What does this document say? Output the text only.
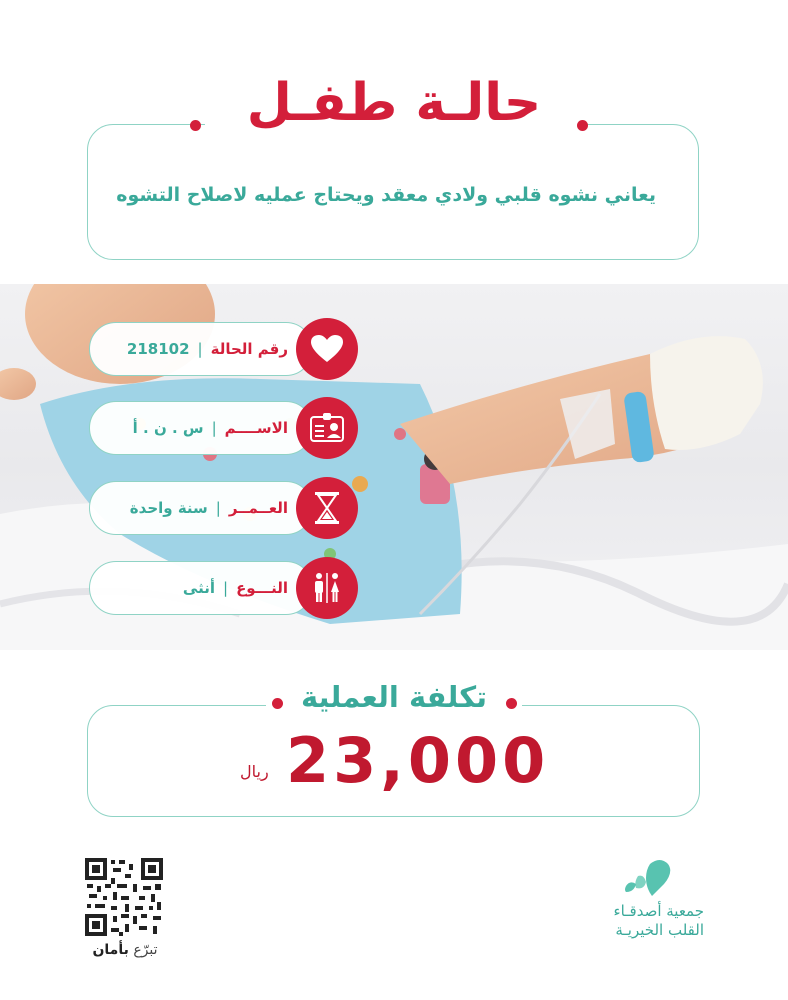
حالـة طفـل
يعاني نشوه قلبي ولادي معقد ويحتاج عمليه لاصلاح التشوه
رقم الحالة
|
218102
الاســــم
|
س . ن . أ
العــمــر
|
سنة واحدة
النـــوع
|
أنثى
تكلفة العملية
23,000
ريال
تبرّع بأمان
جمعية أصدقـاء
القلب الخيريـة
